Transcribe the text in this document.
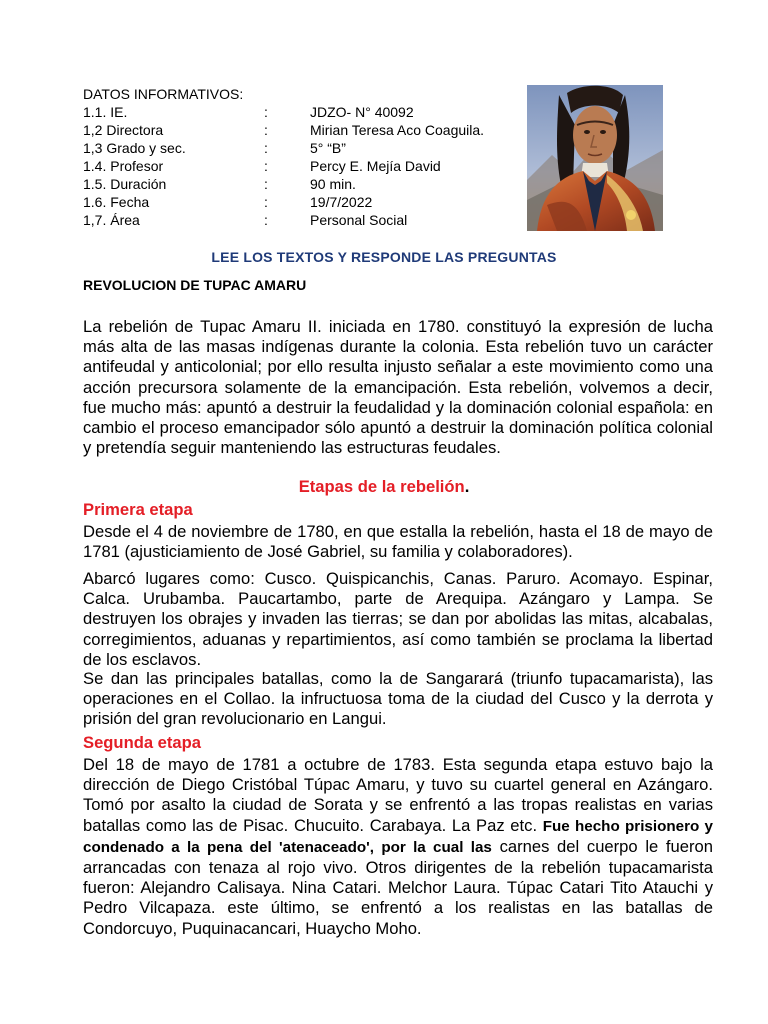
DATOS INFORMATIVOS:
1.1. IE.	:	JDZO- N° 40092
1,2 Directora	:	Mirian Teresa Aco Coaguila.
1,3 Grado y sec.	:	5° “B”
1.4. Profesor	:	Percy E. Mejía David
1.5. Duración	:	90 min.
1.6. Fecha	:	19/7/2022
1,7. Área	:	Personal Social
LEE LOS TEXTOS Y RESPONDE LAS PREGUNTAS
REVOLUCION DE TUPAC AMARU

La rebelión de Tupac Amaru II. iniciada en 1780. constituyó la expresión de lucha más alta de las masas indígenas durante la colonia. Esta rebelión tuvo un carácter antifeudal y anticolonial; por ello resulta injusto señalar a este movimiento como una acción precursora solamente de la emancipación. Esta rebelión, volvemos a decir, fue mucho más: apuntó a destruir la feudalidad y la dominación colonial española: en cambio el proceso emancipador sólo apuntó a destruir la dominación política colonial y pretendía seguir manteniendo las estructuras feudales.

Etapas de la rebelión.
Primera etapa

Desde el 4 de noviembre de 1780, en que estalla la rebelión, hasta el 18 de mayo de 1781 (ajusticiamiento de José Gabriel, su familia y colaboradores).

Abarcó lugares como: Cusco. Quispicanchis, Canas. Paruro. Acomayo. Espinar, Calca. Urubamba. Paucartambo, parte de Arequipa. Azángaro y Lampa. Se destruyen los obrajes y invaden las tierras; se dan por abolidas las mitas, alcabalas, corregimientos, aduanas y repartimientos, así como también se proclama la libertad de los esclavos.

Se dan las principales batallas, como la de Sangarará (triunfo tupacamarista), las operaciones en el Collao. la infructuosa toma de la ciudad del Cusco y la derrota y prisión del gran revolucionario en Langui.

Segunda etapa
Del 18 de mayo de 1781 a octubre de 1783. Esta segunda etapa estuvo bajo la dirección de Diego Cristóbal Túpac Amaru, y tuvo su cuartel general en Azángaro. Tomó por asalto la ciudad de Sorata y se enfrentó a las tropas realistas en varias batallas como las de Pisac. Chucuito. Carabaya. La Paz etc. Fue hecho prisionero y condenado a la pena del 'atenaceado', por la cual las carnes del cuerpo le fueron arrancadas con tenaza al rojo vivo. Otros dirigentes de la rebelión tupacamarista fueron: Alejandro Calisaya. Nina Catari. Melchor Laura. Túpac Catari Tito Atauchi y Pedro Vilcapaza. este último, se enfrentó a los realistas en las batallas de Condorcuyo, Puquinacancari, Huaycho Moho.
